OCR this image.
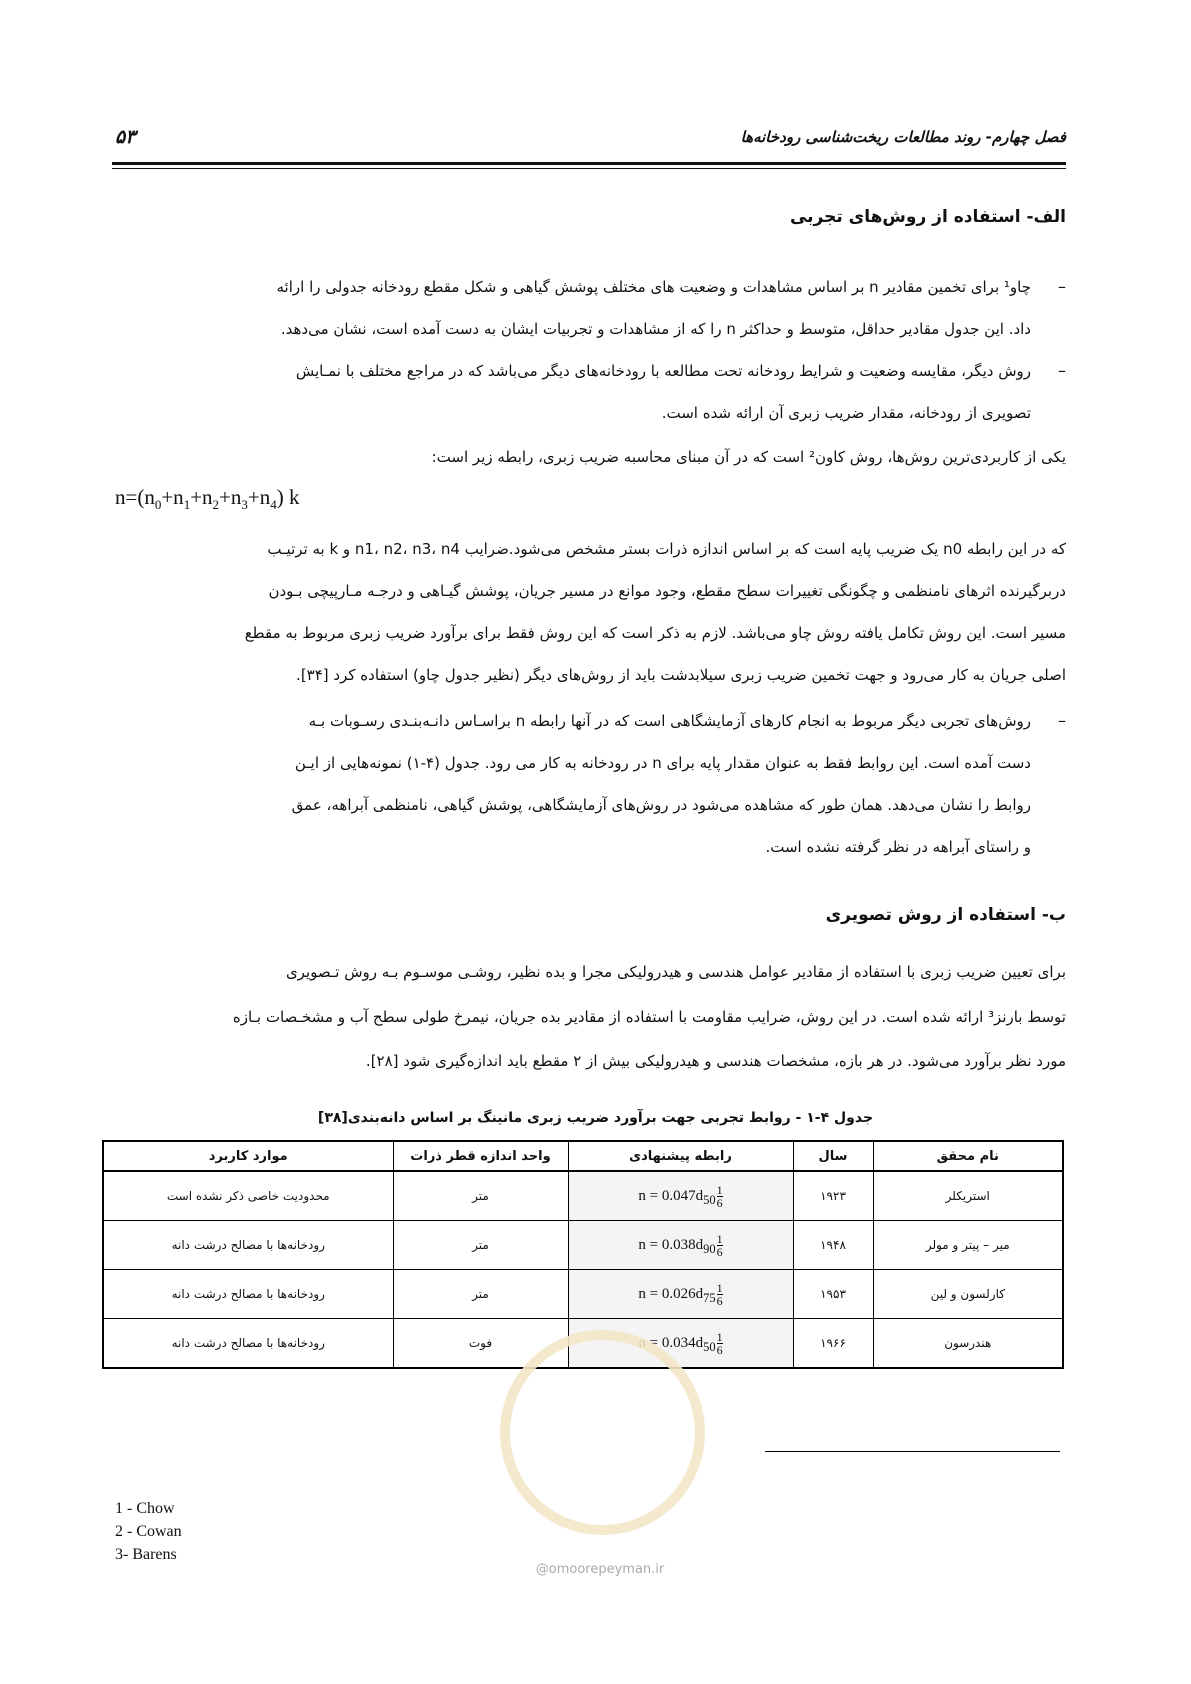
فصل چهارم- روند مطالعات ریخت‌شناسی رودخانه‌ها
۵۳
الف- استفاده از روش‌های تجربی
–
چاو¹ برای تخمین مقادیر n بر اساس مشاهدات و وضعیت های مختلف پوشش گیاهی و شکل مقطع رودخانه جدولی را ارائه
داد. این جدول مقادیر حداقل، متوسط و حداکثر n را که از مشاهدات و تجربیات ایشان به دست آمده است، نشان می‌دهد.
–
روش دیگر، مقایسه وضعیت و شرایط رودخانه تحت مطالعه با رودخانه‌های دیگر می‌باشد که در مراجع مختلف با نمـایش
تصویری از رودخانه، مقدار ضریب زبری آن ارائه شده است.
یکی از کاربردی‌ترین روش‌ها، روش کاون² است که در آن مبنای محاسبه ضریب زبری، رابطه زیر است:
$n=(n_0+n_1+n_2+n_3+n_4)$ k
که در این رابطه n0 یک ضریب پایه است که بر اساس اندازه ذرات بستر مشخص می‌شود.ضرایب n1، n2، n3، n4 و k به ترتیـب
دربرگیرنده اثرهای نامنظمی و چگونگی تغییرات سطح مقطع، وجود موانع در مسیر جریان، پوشش گیـاهی و درجـه مـارپیچی بـودن
مسیر است. این روش تکامل یافته روش چاو می‌باشد. لازم به ذکر است که این روش فقط برای برآورد ضریب زبری مربوط به مقطع
اصلی جریان به کار می‌رود و جهت تخمین ضریب زبری سیلابدشت باید از روش‌های دیگر (نظیر جدول چاو) استفاده کرد [۳۴].
–
روش‌های تجربی دیگر مربوط به انجام کارهای آزمایشگاهی است که در آنها رابطه n براسـاس دانـه‌بنـدی رسـوبات بـه
دست آمده است. این روابط فقط به عنوان مقدار پایه برای n در رودخانه به کار می رود. جدول (۴-۱) نمونه‌هایی از ایـن
روابط را نشان می‌دهد. همان طور که مشاهده می‌شود در روش‌های آزمایشگاهی، پوشش گیاهی، نامنظمی آبراهه، عمق
و راستای آبراهه در نظر گرفته نشده است.
ب- استفاده از روش تصویری
برای تعیین ضریب زبری با استفاده از مقادیر عوامل هندسی و هیدرولیکی مجرا و بده نظیر، روشـی موسـوم بـه روش تـصویری
توسط بارنز³ ارائه شده است. در این روش، ضرایب مقاومت با استفاده از مقادیر بده جریان، نیمرخ طولی سطح آب و مشخـصات بـازه
مورد نظر برآورد می‌شود. در هر بازه، مشخصات هندسی و هیدرولیکی بیش از ۲ مقطع باید اندازه‌گیری شود [۲۸].
جدول ۴-۱ - روابط تجربی جهت برآورد ضریب زبری مانینگ بر اساس دانه‌بندی[۳۸]
نام محقق	سال	رابطه پیشنهادی	واحد اندازه قطر ذرات	موارد کاربرد
استریکلر	۱۹۲۳	$n = 0.047d_{50} \frac{1}{6}$	متر	محدودیت خاصی ذکر نشده است
میر – پیتر و مولر	۱۹۴۸	$n = 0.038d_{90} \frac{1}{6}$	متر	رودخانه‌ها با مصالح درشت دانه
کارلسون و لین	۱۹۵۳	$n = 0.026d_{75} \frac{1}{6}$	متر	رودخانه‌ها با مصالح درشت دانه
هندرسون	۱۹۶۶	$n = 0.034d_{50} \frac{1}{6}$	فوت	رودخانه‌ها با مصالح درشت دانه
@omoorepeyman.ir
1 - Chow
2 - Cowan
3- Barens
